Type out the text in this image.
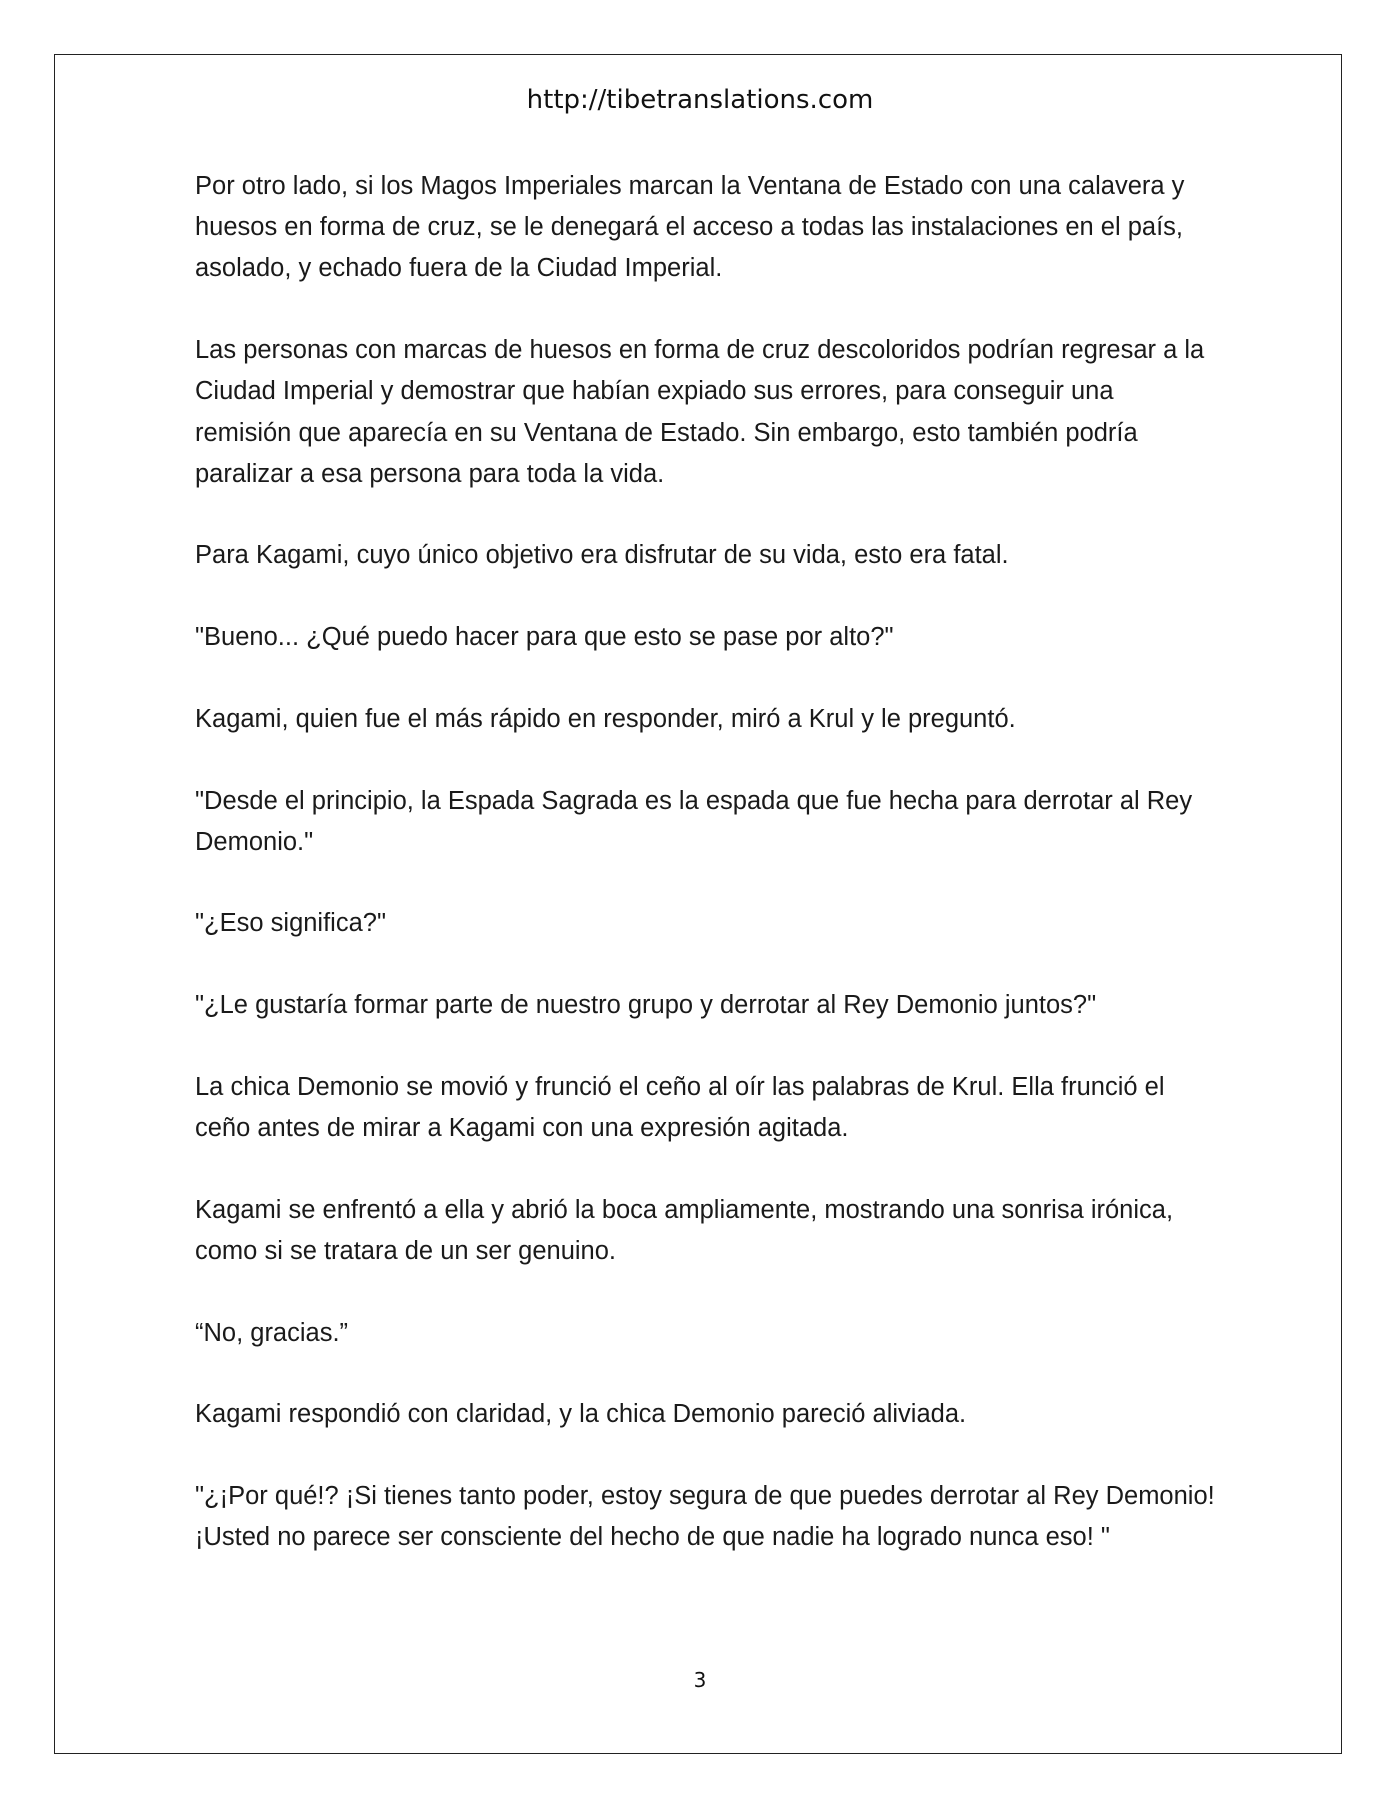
http://tibetranslations.com

Por otro lado, si los Magos Imperiales marcan la Ventana de Estado con una calavera y huesos en forma de cruz, se le denegará el acceso a todas las instalaciones en el país, asolado, y echado fuera de la Ciudad Imperial.

Las personas con marcas de huesos en forma de cruz descoloridos podrían regresar a la Ciudad Imperial y demostrar que habían expiado sus errores, para conseguir una remisión que aparecía en su Ventana de Estado. Sin embargo, esto también podría paralizar a esa persona para toda la vida.

Para Kagami, cuyo único objetivo era disfrutar de su vida, esto era fatal.

"Bueno... ¿Qué puedo hacer para que esto se pase por alto?"

Kagami, quien fue el más rápido en responder, miró a Krul y le preguntó.

"Desde el principio, la Espada Sagrada es la espada que fue hecha para derrotar al Rey Demonio."

"¿Eso significa?"

"¿Le gustaría formar parte de nuestro grupo y derrotar al Rey Demonio juntos?"

La chica Demonio se movió y frunció el ceño al oír las palabras de Krul. Ella frunció el ceño antes de mirar a Kagami con una expresión agitada.

Kagami se enfrentó a ella y abrió la boca ampliamente, mostrando una sonrisa irónica, como si se tratara de un ser genuino.

“No, gracias.”

Kagami respondió con claridad, y la chica Demonio pareció aliviada.

"¿¡Por qué!? ¡Si tienes tanto poder, estoy segura de que puedes derrotar al Rey Demonio! ¡Usted no parece ser consciente del hecho de que nadie ha logrado nunca eso! "

3
